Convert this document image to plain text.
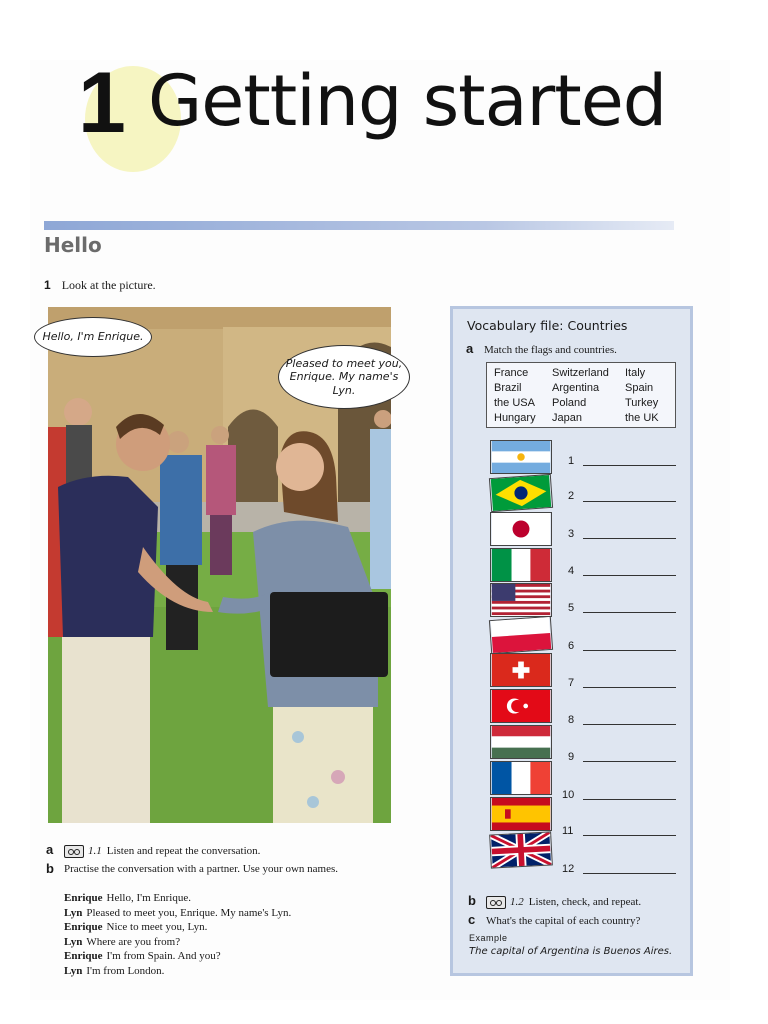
1 Getting started
Hello
1 Look at the picture.
Hello, I'm Enrique.
Pleased to meet you, Enrique. My name's Lyn.
a	1.1 Listen and repeat the conversation.
b Practise the conversation with a partner. Use your own names.
Enrique Hello, I'm Enrique.
Lyn Pleased to meet you, Enrique. My name's Lyn.
Enrique Nice to meet you, Lyn.
Lyn Where are you from?
Enrique I'm from Spain. And you?
Lyn I'm from London.
Vocabulary file: Countries
a Match the flags and countries.
France
Brazil
the USA
Hungary
Switzerland
Argentina
Poland
Japan
Italy
Spain
Turkey
the UK
1
2
3
4
5
6
7
8
9
10
11
12
b	1.2 Listen, check, and repeat.
c What's the capital of each country?
Example
The capital of Argentina is Buenos Aires.
